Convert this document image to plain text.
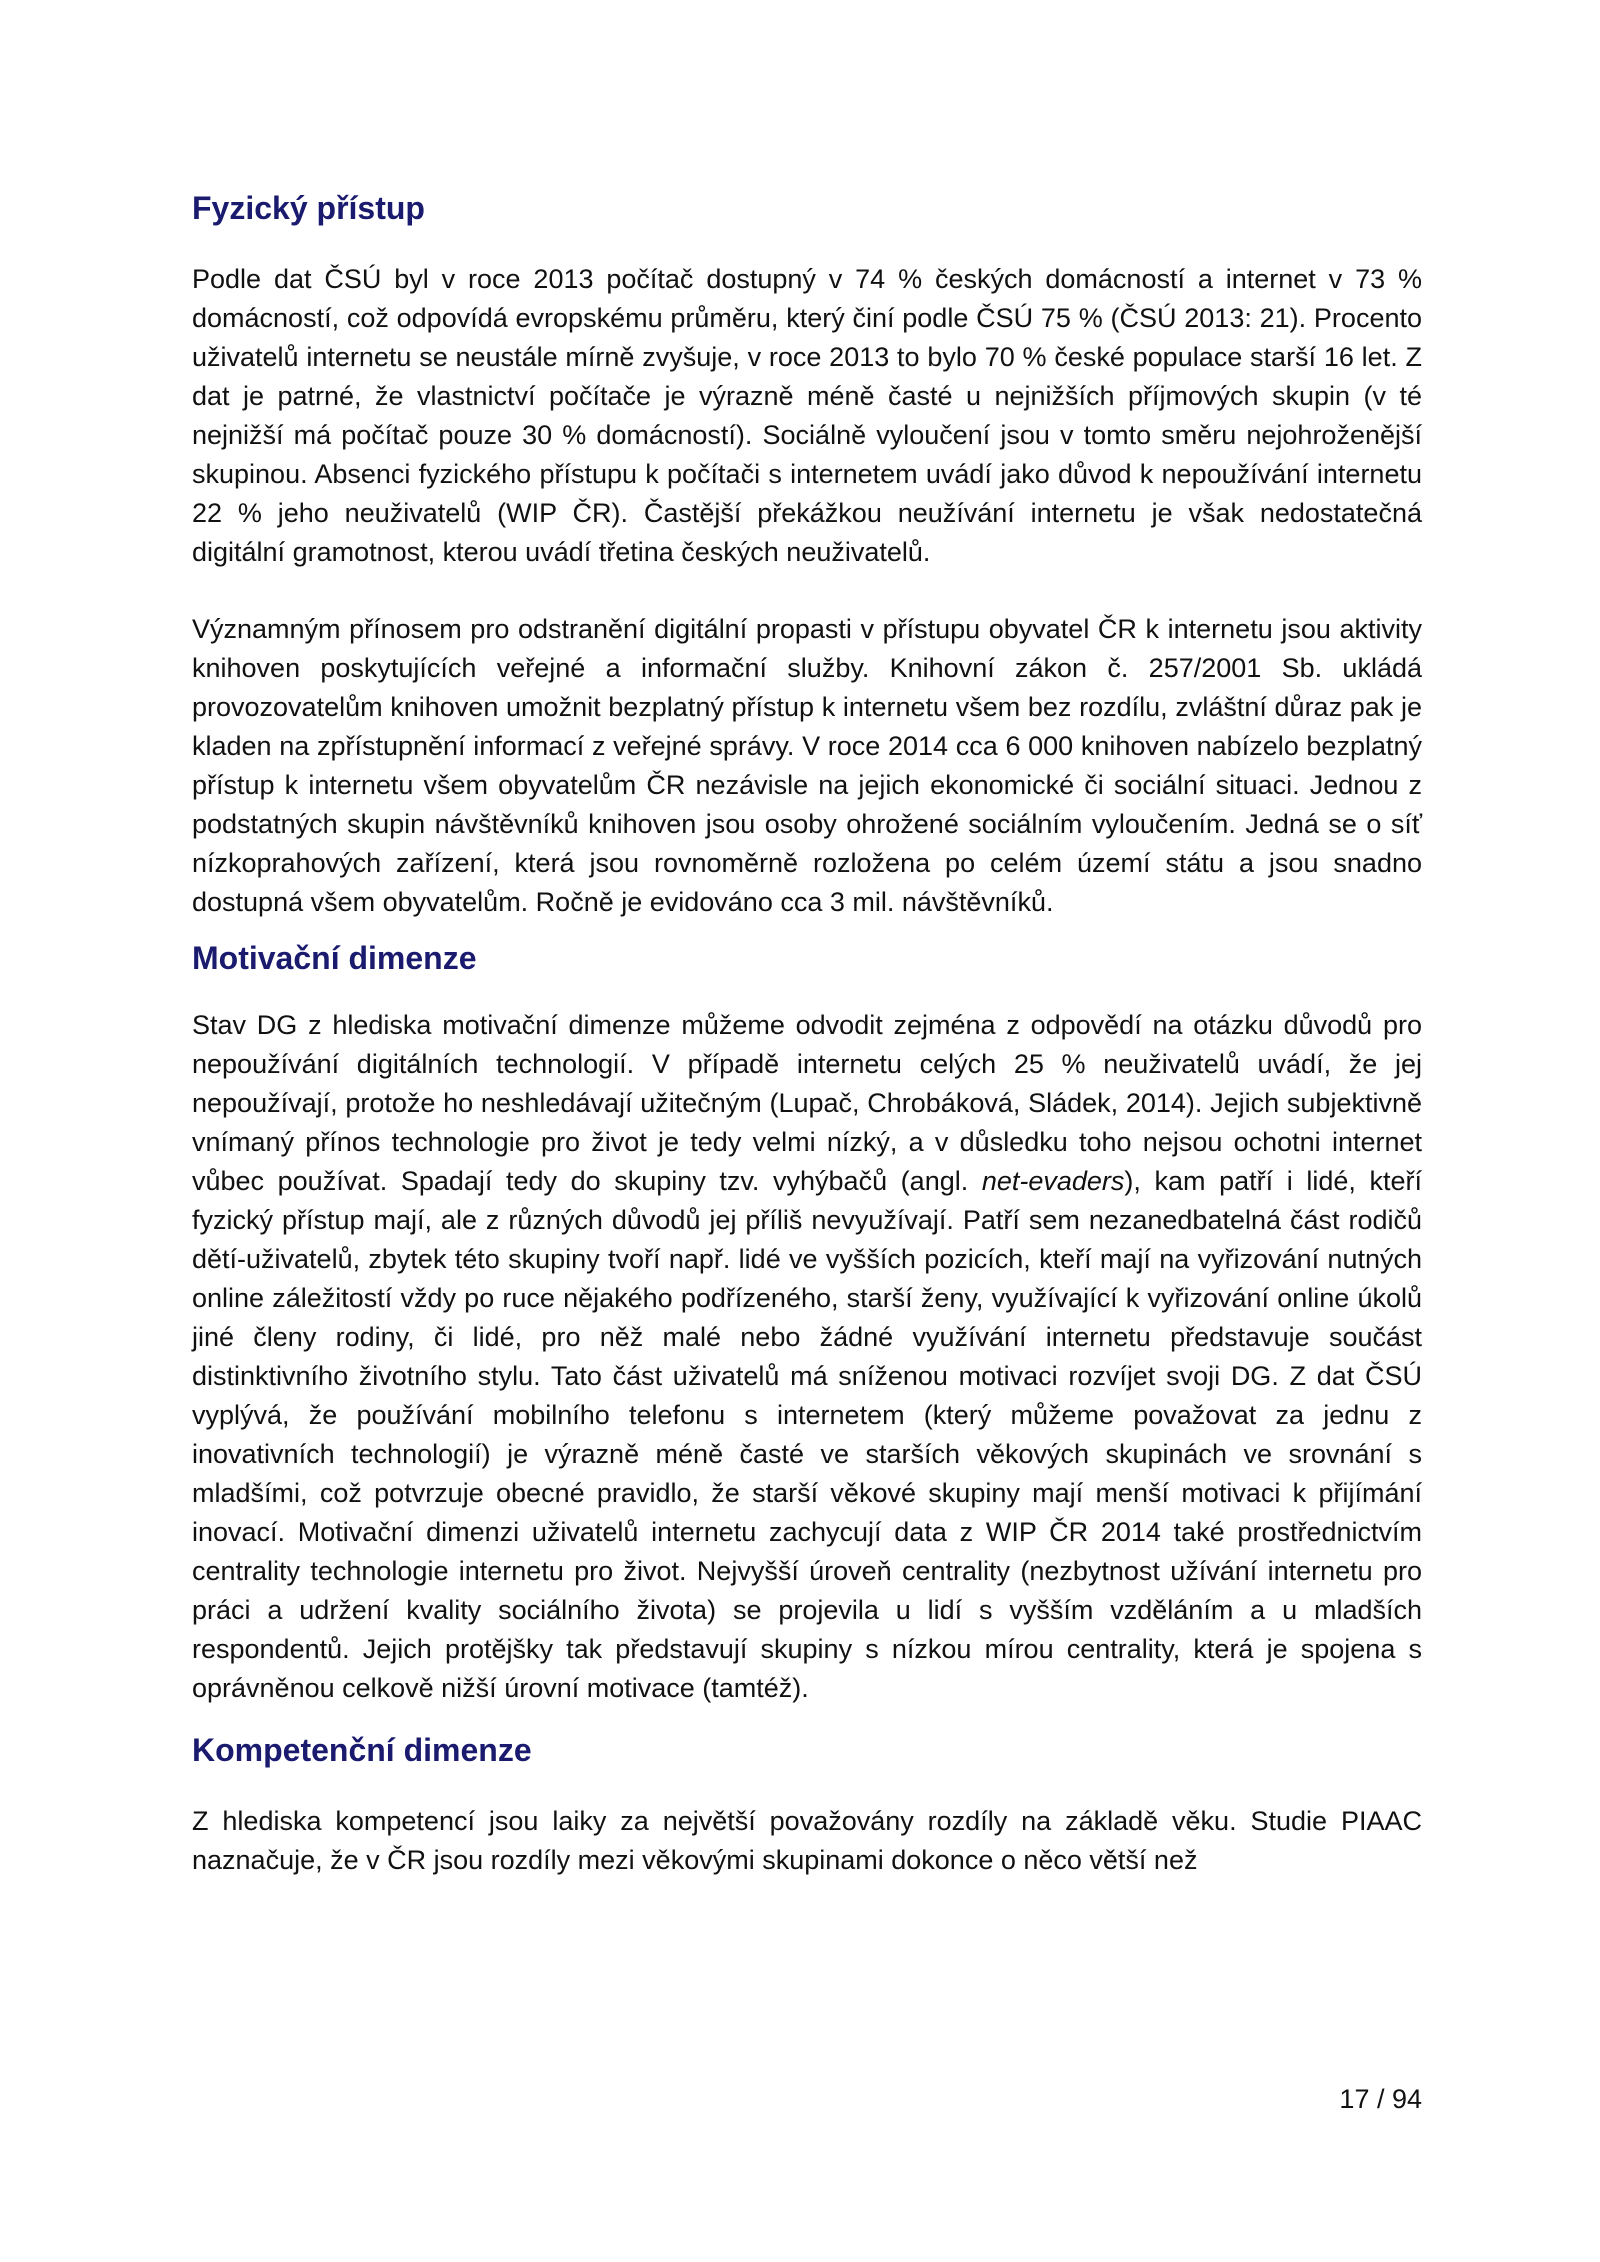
Fyzický přístup

Podle dat ČSÚ byl v roce 2013 počítač dostupný v 74 % českých domácností a internet v 73 % domácností, což odpovídá evropskému průměru, který činí podle ČSÚ 75 % (ČSÚ 2013: 21). Procento uživatelů internetu se neustále mírně zvyšuje, v roce 2013 to bylo 70 % české populace starší 16 let. Z dat je patrné, že vlastnictví počítače je výrazně méně časté u nejnižších příjmových skupin (v té nejnižší má počítač pouze 30 % domácností). Sociálně vyloučení jsou v tomto směru nejohroženější skupinou. Absenci fyzického přístupu k počítači s internetem uvádí jako důvod k nepoužívání internetu 22 % jeho neuživatelů (WIP ČR). Častější překážkou neužívání internetu je však nedostatečná digitální gramotnost, kterou uvádí třetina českých neuživatelů.

Významným přínosem pro odstranění digitální propasti v přístupu obyvatel ČR k internetu jsou aktivity knihoven poskytujících veřejné a informační služby. Knihovní zákon č. 257/2001 Sb. ukládá provozovatelům knihoven umožnit bezplatný přístup k internetu všem bez rozdílu, zvláštní důraz pak je kladen na zpřístupnění informací z veřejné správy. V roce 2014 cca 6 000 knihoven nabízelo bezplatný přístup k internetu všem obyvatelům ČR nezávisle na jejich ekonomické či sociální situaci. Jednou z podstatných skupin návštěvníků knihoven jsou osoby ohrožené sociálním vyloučením. Jedná se o síť nízkoprahových zařízení, která jsou rovnoměrně rozložena po celém území státu a jsou snadno dostupná všem obyvatelům. Ročně je evidováno cca 3 mil. návštěvníků.

Motivační dimenze

Stav DG z hlediska motivační dimenze můžeme odvodit zejména z odpovědí na otázku důvodů pro nepoužívání digitálních technologií. V případě internetu celých 25 % neuživatelů uvádí, že jej nepoužívají, protože ho neshledávají užitečným (Lupač, Chrobáková, Sládek, 2014). Jejich subjektivně vnímaný přínos technologie pro život je tedy velmi nízký, a v důsledku toho nejsou ochotni internet vůbec používat. Spadají tedy do skupiny tzv. vyhýbačů (angl. net-evaders), kam patří i lidé, kteří fyzický přístup mají, ale z různých důvodů jej příliš nevyužívají. Patří sem nezanedbatelná část rodičů dětí-uživatelů, zbytek této skupiny tvoří např. lidé ve vyšších pozicích, kteří mají na vyřizování nutných online záležitostí vždy po ruce nějakého podřízeného, starší ženy, využívající k vyřizování online úkolů jiné členy rodiny, či lidé, pro něž malé nebo žádné využívání internetu představuje součást distinktivního životního stylu. Tato část uživatelů má sníženou motivaci rozvíjet svoji DG. Z dat ČSÚ vyplývá, že používání mobilního telefonu s internetem (který můžeme považovat za jednu z inovativních technologií) je výrazně méně časté ve starších věkových skupinách ve srovnání s mladšími, což potvrzuje obecné pravidlo, že starší věkové skupiny mají menší motivaci k přijímání inovací. Motivační dimenzi uživatelů internetu zachycují data z WIP ČR 2014 také prostřednictvím centrality technologie internetu pro život. Nejvyšší úroveň centrality (nezbytnost užívání internetu pro práci a udržení kvality sociálního života) se projevila u lidí s vyšším vzděláním a u mladších respondentů. Jejich protějšky tak představují skupiny s nízkou mírou centrality, která je spojena s oprávněnou celkově nižší úrovní motivace (tamtéž).

Kompetenční dimenze

Z hlediska kompetencí jsou laiky za největší považovány rozdíly na základě věku. Studie PIAAC naznačuje, že v ČR jsou rozdíly mezi věkovými skupinami dokonce o něco větší než

17 / 94
